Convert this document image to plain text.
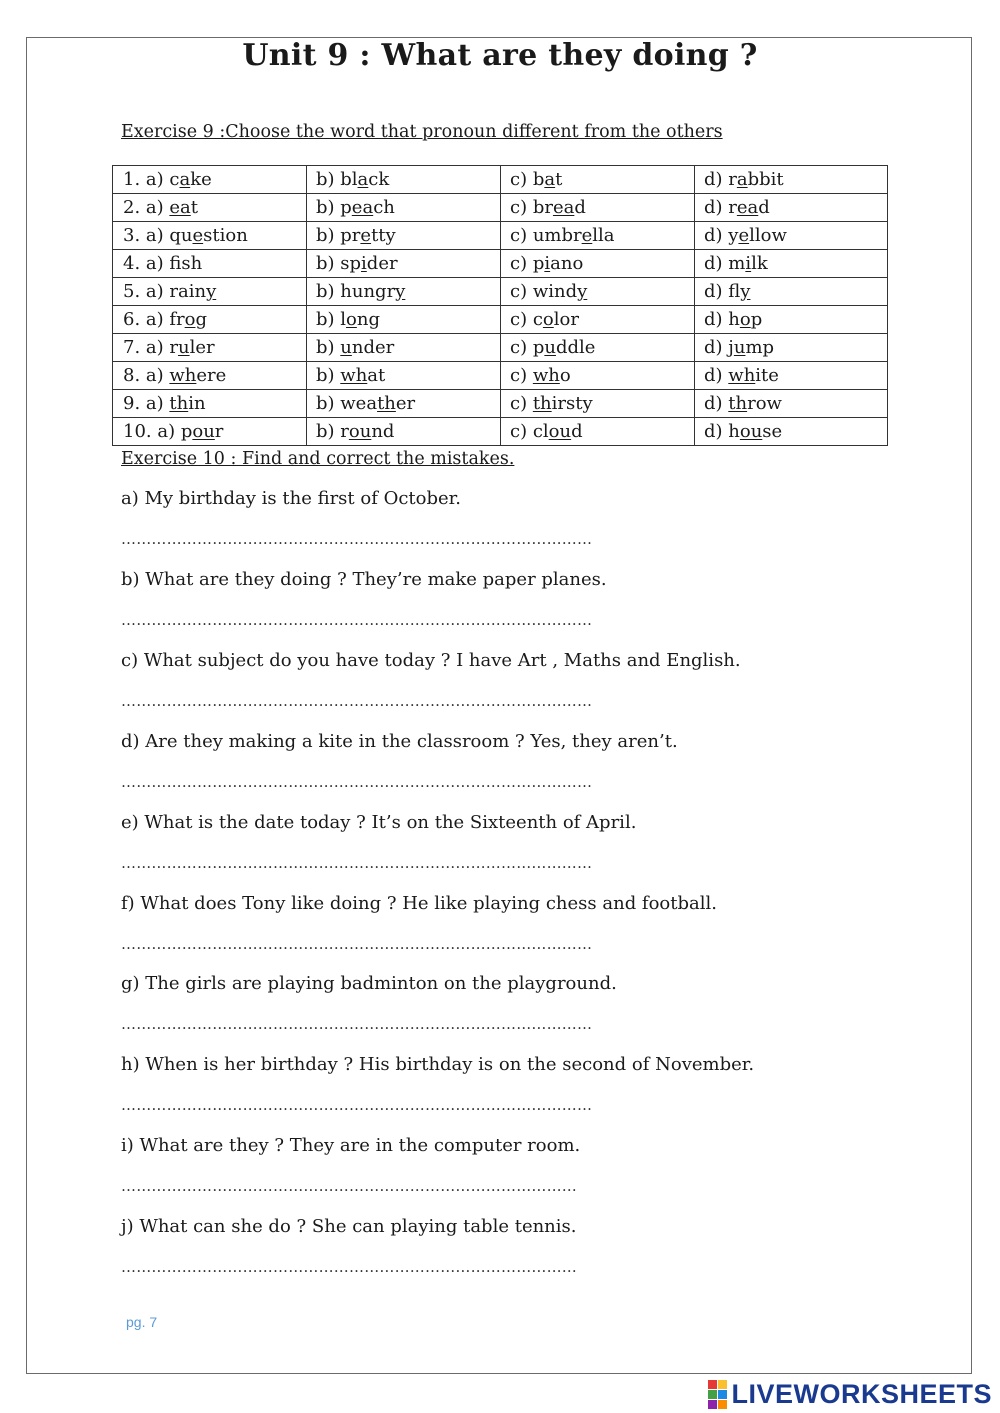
Unit 9 : What are they doing ?

Exercise 9 :Choose the word that pronoun different from the others

1. a) cake	b) black	c) bat	d) rabbit
2. a) eat	b) peach	c) bread	d) read
3. a) question	b) pretty	c) umbrella	d) yellow
4. a) fsh	b) spider	c) piano	d) milk
5. a) rainy	b) hungry	c) windy	d) fly
6. a) frog	b) long	c) color	d) hop
7. a) ruler	b) under	c) puddle	d) jump
8. a) where	b) what	c) who	d) white
9. a) thin	b) weather	c) thirsty	d) throw
10. a) pour	b) round	c) cloud	d) house

Exercise 10 : Find and correct the mistakes.

a) My birthday is the first of October.

…………………………………………………………………………………

b) What are they doing ? They’re make paper planes.

…………………………………………………………………………………

c) What subject do you have today ? I have Art , Maths and English.

…………………………………………………………………………………

d) Are they making a kite in the classroom ? Yes, they aren’t.

…………………………………………………………………………………

e) What is the date today ? It’s on the Sixteenth of April.

…………………………………………………………………………………

f) What does Tony like doing ? He like playing chess and football.

…………………………………………………………………………………

g) The girls are playing badminton on the playground.

…………………………………………………………………………………

h) When is her birthday ? His birthday is on the second of November.

…………………………………………………………………………………

i) What are they ? They are in the computer room.

………………………………………………………………………………

j) What can she do ? She can playing table tennis.

………………………………………………………………………………
pg. 7
LIVEWORKSHEETS
